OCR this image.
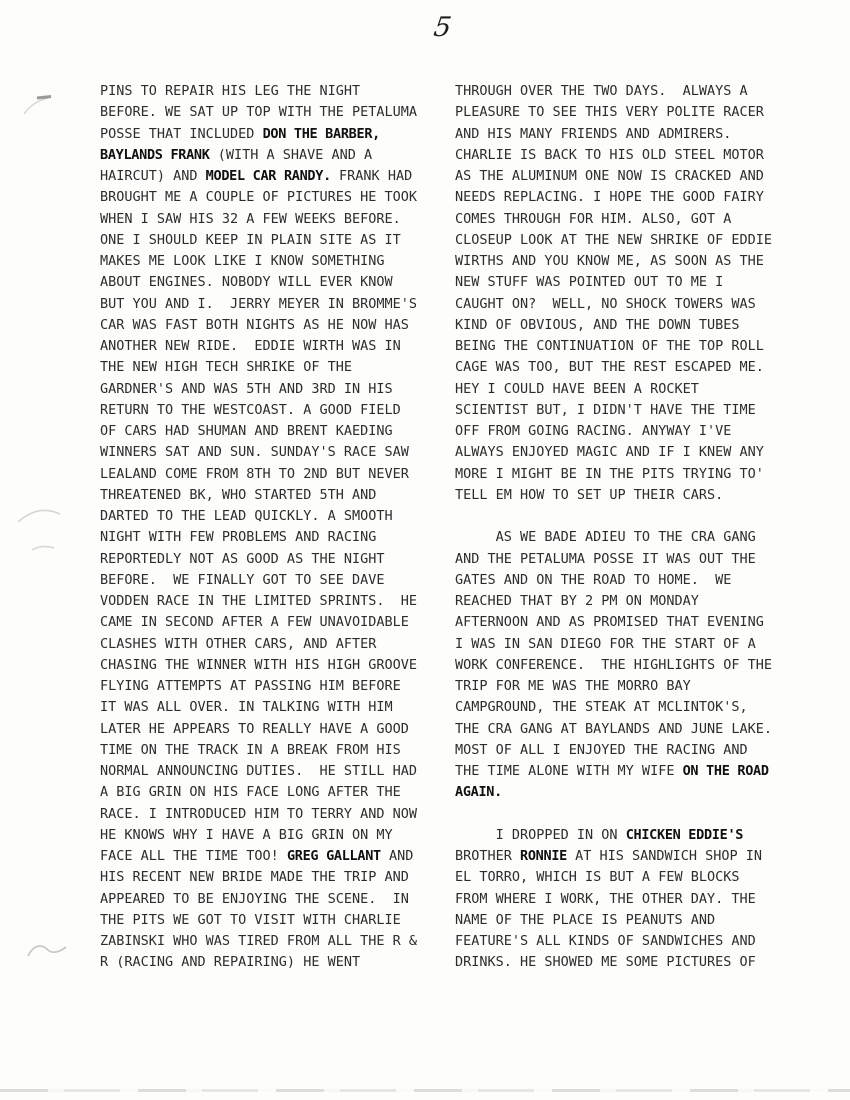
5
PINS TO REPAIR HIS LEG THE NIGHT
BEFORE. WE SAT UP TOP WITH THE PETALUMA
POSSE THAT INCLUDED DON THE BARBER,
BAYLANDS FRANK (WITH A SHAVE AND A
HAIRCUT) AND MODEL CAR RANDY. FRANK HAD
BROUGHT ME A COUPLE OF PICTURES HE TOOK
WHEN I SAW HIS 32 A FEW WEEKS BEFORE.
ONE I SHOULD KEEP IN PLAIN SITE AS IT
MAKES ME LOOK LIKE I KNOW SOMETHING
ABOUT ENGINES. NOBODY WILL EVER KNOW
BUT YOU AND I.  JERRY MEYER IN BROMME'S
CAR WAS FAST BOTH NIGHTS AS HE NOW HAS
ANOTHER NEW RIDE.  EDDIE WIRTH WAS IN
THE NEW HIGH TECH SHRIKE OF THE
GARDNER'S AND WAS 5TH AND 3RD IN HIS
RETURN TO THE WESTCOAST. A GOOD FIELD
OF CARS HAD SHUMAN AND BRENT KAEDING
WINNERS SAT AND SUN. SUNDAY'S RACE SAW
LEALAND COME FROM 8TH TO 2ND BUT NEVER
THREATENED BK, WHO STARTED 5TH AND
DARTED TO THE LEAD QUICKLY. A SMOOTH
NIGHT WITH FEW PROBLEMS AND RACING
REPORTEDLY NOT AS GOOD AS THE NIGHT
BEFORE.  WE FINALLY GOT TO SEE DAVE
VODDEN RACE IN THE LIMITED SPRINTS.  HE
CAME IN SECOND AFTER A FEW UNAVOIDABLE
CLASHES WITH OTHER CARS, AND AFTER
CHASING THE WINNER WITH HIS HIGH GROOVE
FLYING ATTEMPTS AT PASSING HIM BEFORE
IT WAS ALL OVER. IN TALKING WITH HIM
LATER HE APPEARS TO REALLY HAVE A GOOD
TIME ON THE TRACK IN A BREAK FROM HIS
NORMAL ANNOUNCING DUTIES.  HE STILL HAD
A BIG GRIN ON HIS FACE LONG AFTER THE
RACE. I INTRODUCED HIM TO TERRY AND NOW
HE KNOWS WHY I HAVE A BIG GRIN ON MY
FACE ALL THE TIME TOO! GREG GALLANT AND
HIS RECENT NEW BRIDE MADE THE TRIP AND
APPEARED TO BE ENJOYING THE SCENE.  IN
THE PITS WE GOT TO VISIT WITH CHARLIE
ZABINSKI WHO WAS TIRED FROM ALL THE R &
R (RACING AND REPAIRING) HE WENT
THROUGH OVER THE TWO DAYS.  ALWAYS A
PLEASURE TO SEE THIS VERY POLITE RACER
AND HIS MANY FRIENDS AND ADMIRERS.
CHARLIE IS BACK TO HIS OLD STEEL MOTOR
AS THE ALUMINUM ONE NOW IS CRACKED AND
NEEDS REPLACING. I HOPE THE GOOD FAIRY
COMES THROUGH FOR HIM. ALSO, GOT A
CLOSEUP LOOK AT THE NEW SHRIKE OF EDDIE
WIRTHS AND YOU KNOW ME, AS SOON AS THE
NEW STUFF WAS POINTED OUT TO ME I
CAUGHT ON?  WELL, NO SHOCK TOWERS WAS
KIND OF OBVIOUS, AND THE DOWN TUBES
BEING THE CONTINUATION OF THE TOP ROLL
CAGE WAS TOO, BUT THE REST ESCAPED ME.
HEY I COULD HAVE BEEN A ROCKET
SCIENTIST BUT, I DIDN'T HAVE THE TIME
OFF FROM GOING RACING. ANYWAY I'VE
ALWAYS ENJOYED MAGIC AND IF I KNEW ANY
MORE I MIGHT BE IN THE PITS TRYING TO'
TELL EM HOW TO SET UP THEIR CARS.
AS WE BADE ADIEU TO THE CRA GANG
AND THE PETALUMA POSSE IT WAS OUT THE
GATES AND ON THE ROAD TO HOME.  WE
REACHED THAT BY 2 PM ON MONDAY
AFTERNOON AND AS PROMISED THAT EVENING
I WAS IN SAN DIEGO FOR THE START OF A
WORK CONFERENCE.  THE HIGHLIGHTS OF THE
TRIP FOR ME WAS THE MORRO BAY
CAMPGROUND, THE STEAK AT MCLINTOK'S,
THE CRA GANG AT BAYLANDS AND JUNE LAKE.
MOST OF ALL I ENJOYED THE RACING AND
THE TIME ALONE WITH MY WIFE ON THE ROAD
AGAIN.
I DROPPED IN ON CHICKEN EDDIE'S
BROTHER RONNIE AT HIS SANDWICH SHOP IN
EL TORRO, WHICH IS BUT A FEW BLOCKS
FROM WHERE I WORK, THE OTHER DAY. THE
NAME OF THE PLACE IS PEANUTS AND
FEATURE'S ALL KINDS OF SANDWICHES AND
DRINKS. HE SHOWED ME SOME PICTURES OF
